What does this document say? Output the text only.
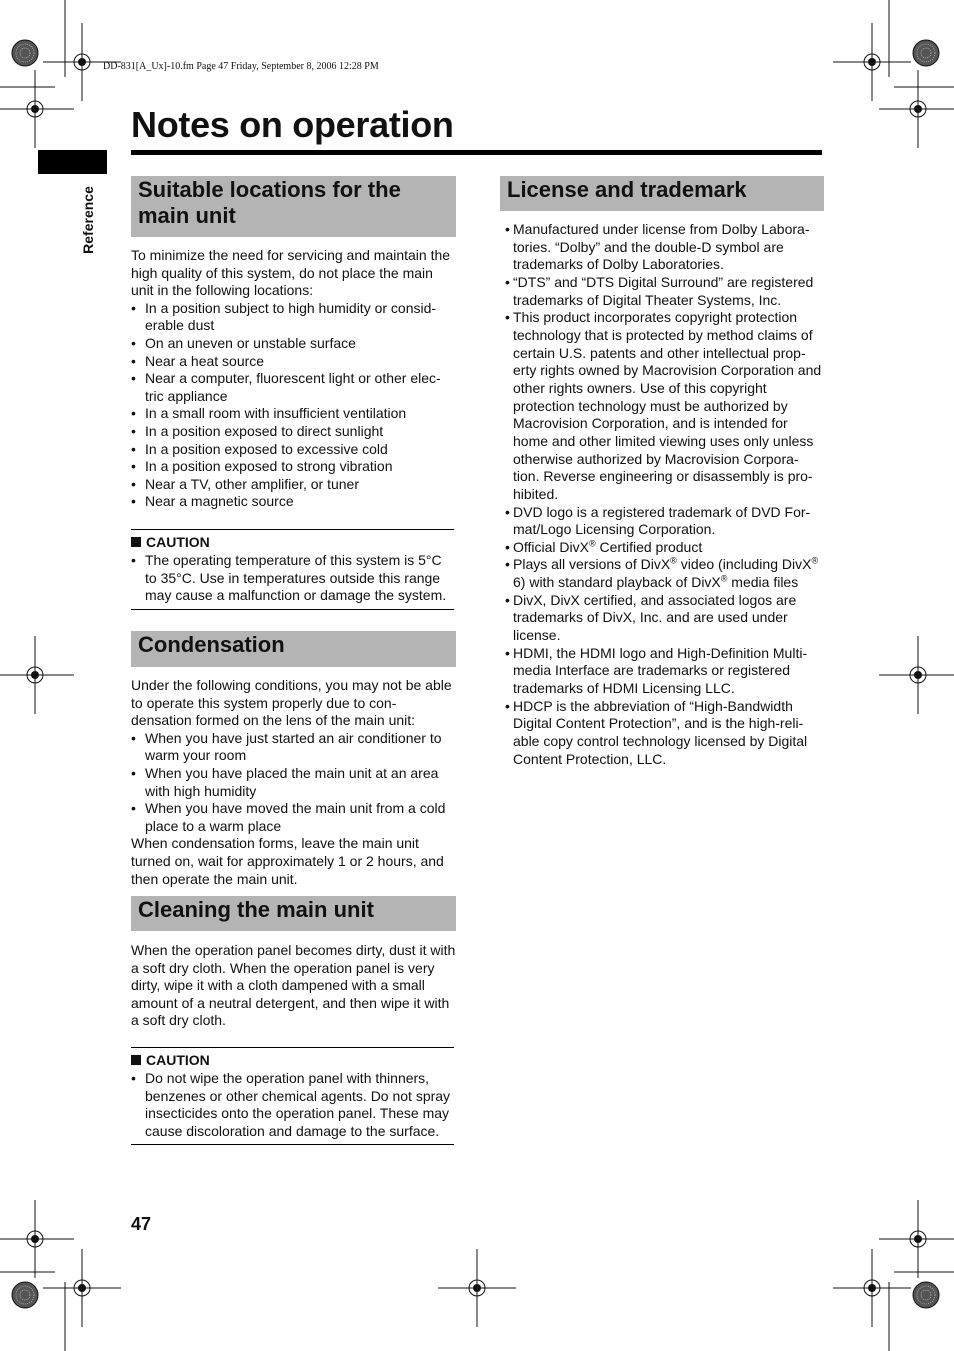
DD-831[A_Ux]-10.fm Page 47 Friday, September 8, 2006 12:28 PM
Notes on operation
Reference Suitable locations for the
main unit

To minimize the need for servicing and maintain the high quality of this system, do not place the main unit in the following locations:

• In a position subject to high humidity or consid-erable dust
• On an uneven or unstable surface
• Near a heat source
• Near a computer, fluorescent light or other elec-tric appliance
• In a small room with insufficient ventilation
• In a position exposed to direct sunlight
• In a position exposed to excessive cold
• In a position exposed to strong vibration
• Near a TV, other amplifier, or tuner
• Near a magnetic source

CAUTION

• The operating temperature of this system is 5°C to 35°C. Use in temperatures outside this range may cause a malfunction or damage the system.
Condensation

Under the following conditions, you may not be able to operate this system properly due to con-densation formed on the lens of the main unit:

• When you have just started an air conditioner to warm your room
• When you have placed the main unit at an area with high humidity
• When you have moved the main unit from a cold place to a warm place

When condensation forms, leave the main unit turned on, wait for approximately 1 or 2 hours, and then operate the main unit.

Cleaning the main unit

When the operation panel becomes dirty, dust it with a soft dry cloth. When the operation panel is very dirty, wipe it with a cloth dampened with a small amount of a neutral detergent, and then wipe it with a soft dry cloth.

CAUTION

• Do not wipe the operation panel with thinners, benzenes or other chemical agents. Do not spray insecticides onto the operation panel. These may cause discoloration and damage to the surface.
License and trademark
• Manufactured under license from Dolby Labora-tories. “Dolby” and the double-D symbol are trademarks of Dolby Laboratories.
• “DTS” and “DTS Digital Surround” are registered trademarks of Digital Theater Systems, Inc.
• This product incorporates copyright protection technology that is protected by method claims of certain U.S. patents and other intellectual prop-erty rights owned by Macrovision Corporation and other rights owners. Use of this copyright protection technology must be authorized by Macrovision Corporation, and is intended for home and other limited viewing uses only unless otherwise authorized by Macrovision Corpora-tion. Reverse engineering or disassembly is pro-hibited.
• DVD logo is a registered trademark of DVD For-mat/Logo Licensing Corporation.
• Official DivX® Certified product
• Plays all versions of DivX® video (including DivX® 6) with standard playback of DivX® media files
• DivX, DivX certified, and associated logos are trademarks of DivX, Inc. and are used under license.
• HDMI, the HDMI logo and High-Definition Multi-media Interface are trademarks or registered trademarks of HDMI Licensing LLC.
• HDCP is the abbreviation of “High-Bandwidth Digital Content Protection”, and is the high-reli-able copy control technology licensed by Digital Content Protection, LLC.
47
